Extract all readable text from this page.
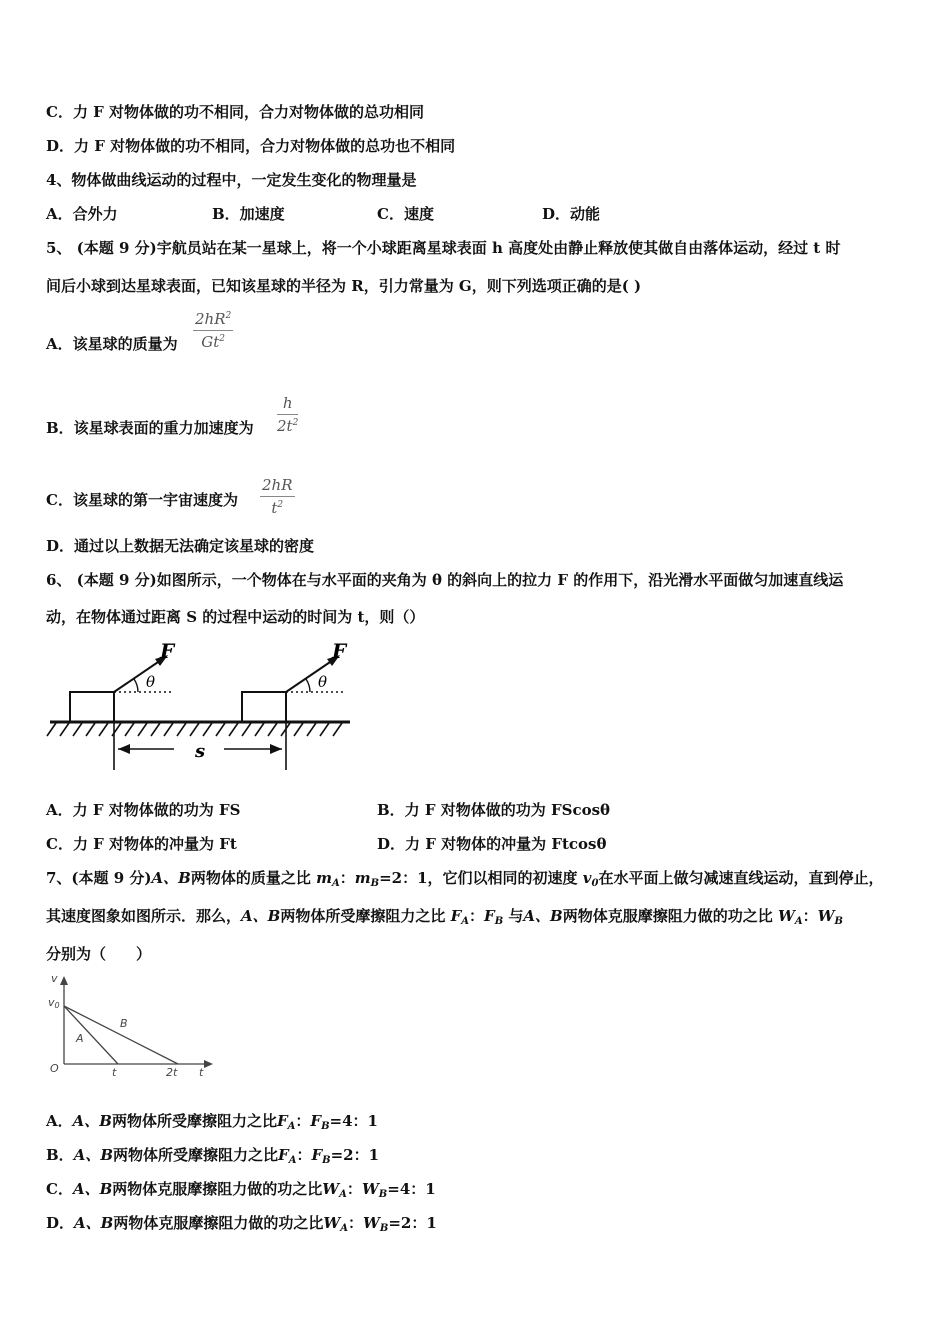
C．力 F 对物体做的功不相同，合力对物体做的总功相同
D．力 F 对物体做的功不相同，合力对物体做的总功也不相同
4、物体做曲线运动的过程中，一定发生变化的物理量是
A．合外力	B．加速度	C．速度	D．动能
5、 (本题 9 分)宇航员站在某一星球上，将一个小球距离星球表面 h 高度处由静止释放使其做自由落体运动，经过 t 时
间后小球到达星球表面，已知该星球的半径为 R，引力常量为 G，则下列选项正确的是( )
A．该星球的质量为
$2hR^2$
Gt$^2$
B．该星球表面的重力加速度为
h
$2t^2$
C．该星球的第一宇宙速度为
2hR
$t^2$
D．通过以上数据无法确定该星球的密度
6、 (本题 9 分)如图所示，一个物体在与水平面的夹角为 θ 的斜向上的拉力 F 的作用下，沿光滑水平面做匀加速直线运
动，在物体通过距离 S 的过程中运动的时间为 t，则（）
F	F
θ	θ
s
A．力 F 对物体做的功为 FS	B．力 F 对物体做的功为 FScosθ
C．力 F 对物体的冲量为 Ft	D．力 F 对物体的冲量为 Ftcosθ
7、(本题 9 分)A、B两物体的质量之比 $m_A$：$m_B=2$：1，它们以相同的初速度 $v_0$在水平面上做匀减速直线运动，直到停止，
其速度图象如图所示．那么，A、B两物体所受摩擦阻力之比 $F_A$：$F_B$ 与A、B两物体克服摩擦阻力做的功之比 $W_A$：$W_B$
分别为（　　）
v
v0
O	t	2t t
A
B
A．A、B两物体所受摩擦阻力之比$F_A$：$F_B=4$：1
B．A、B两物体所受摩擦阻力之比$F_A$：$F_B=2$：1
C．A、B两物体克服摩擦阻力做的功之比$W_A$：$W_B=4$：1
D．A、B两物体克服摩擦阻力做的功之比$W_A$：$W_B=2$：1
